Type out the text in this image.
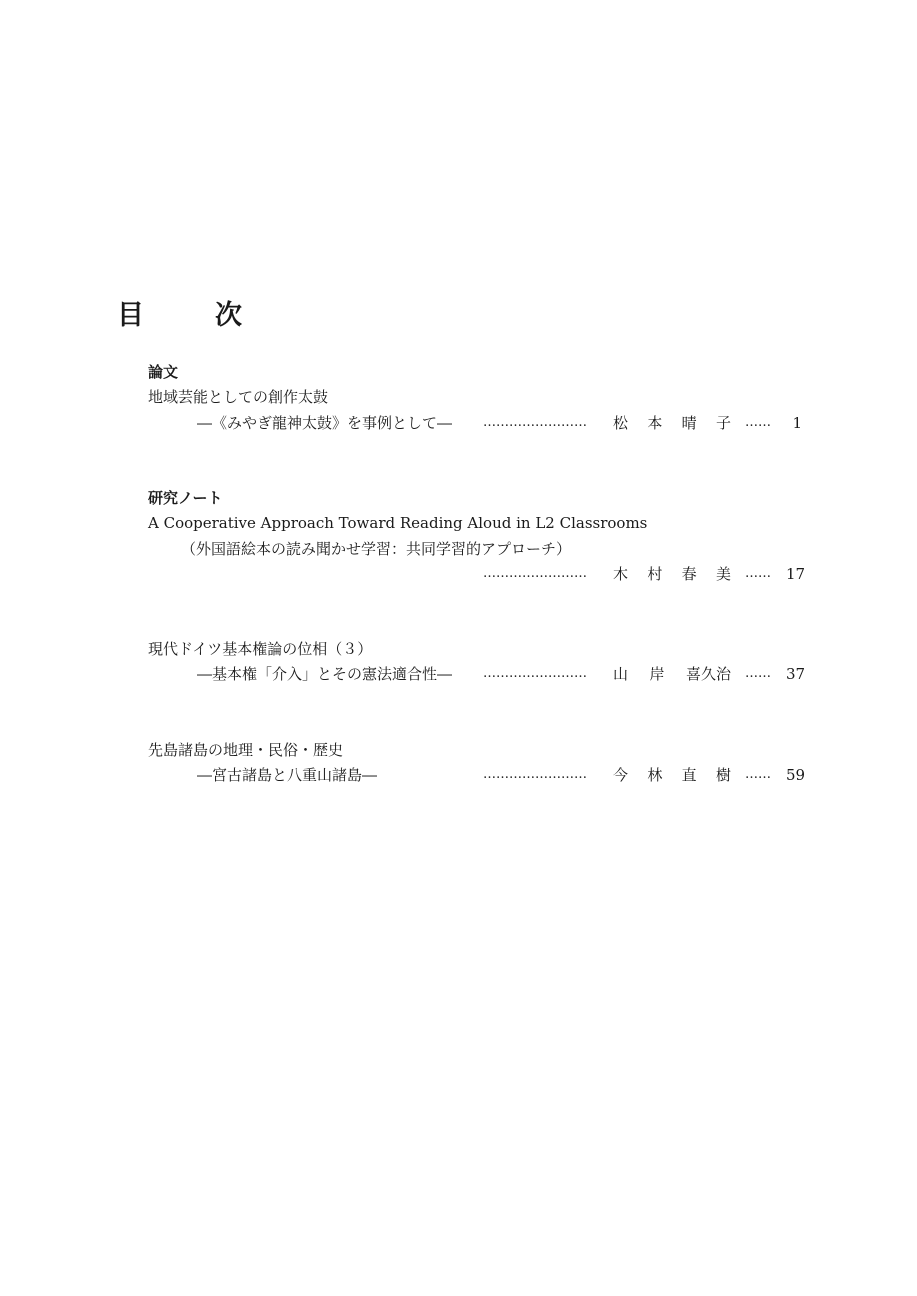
目　次
論文
地域芸能としての創作太鼓
―《みやぎ龍神太鼓》を事例として― …………………… 松 本 晴 子 ……	1
研究ノート
A Cooperative Approach Toward Reading Aloud in L2 Classrooms
（外国語絵本の読み聞かせ学習：共同学習的アプローチ）
…………………… 木 村 春 美 …… 17
現代ドイツ基本権論の位相（３）
―基本権「介入」とその憲法適合性― …………………… 山 岸 喜久治 …… 37
先島諸島の地理・民俗・歴史
―宮古諸島と八重山諸島―	…………………… 今 林 直 樹 …… 59
